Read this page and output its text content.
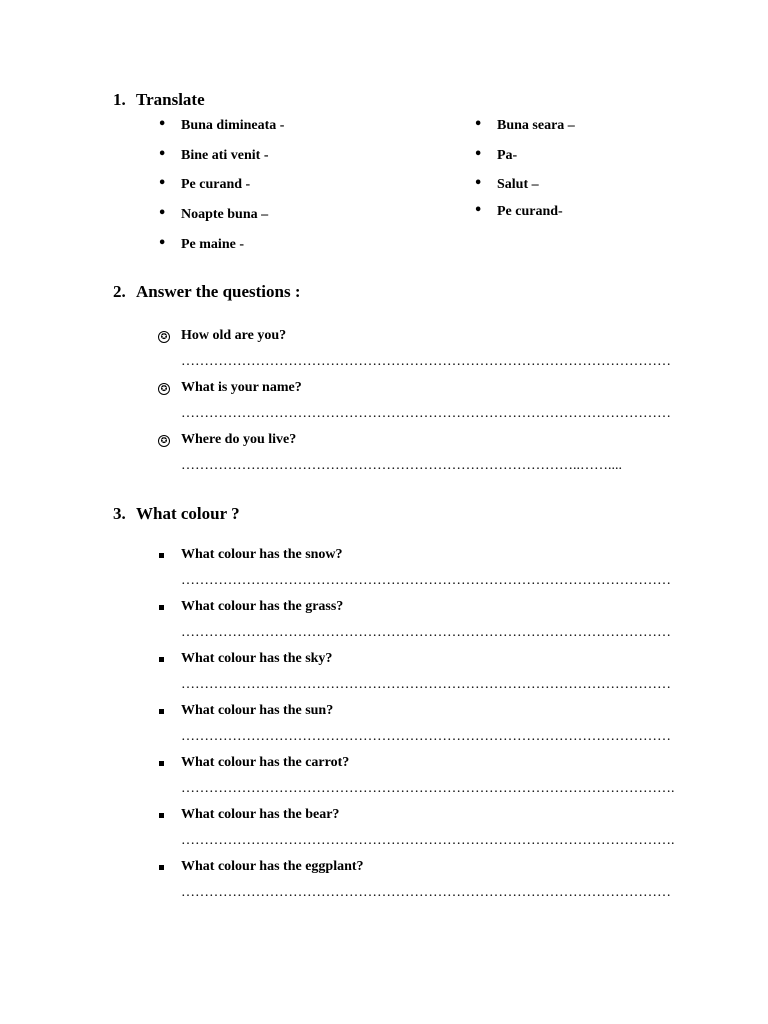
1. Translate
• Buna dimineata -
• Bine ati venit -
• Pe curand -
• Noapte buna –
• Pe maine -
• Buna seara –
• Pa-
• Salut –
• Pe curand-
2. Answer the questions :
✪ How old are you?
……………………………………………………………………………………………
✪ What is your name?
……………………………………………………………………………………………
✪ Where do you live?
…………………………………………………………………………..……....
3. What colour ?
What colour has the snow?
……………………………………………………………………………………………
What colour has the grass?
……………………………………………………………………………………………
What colour has the sky?
……………………………………………………………………………………………
What colour has the sun?
……………………………………………………………………………………………
What colour has the carrot?
…………………………………………………………………………………………….
What colour has the bear?
…………………………………………………………………………………………….
What colour has the eggplant?
……………………………………………………………………………………………
